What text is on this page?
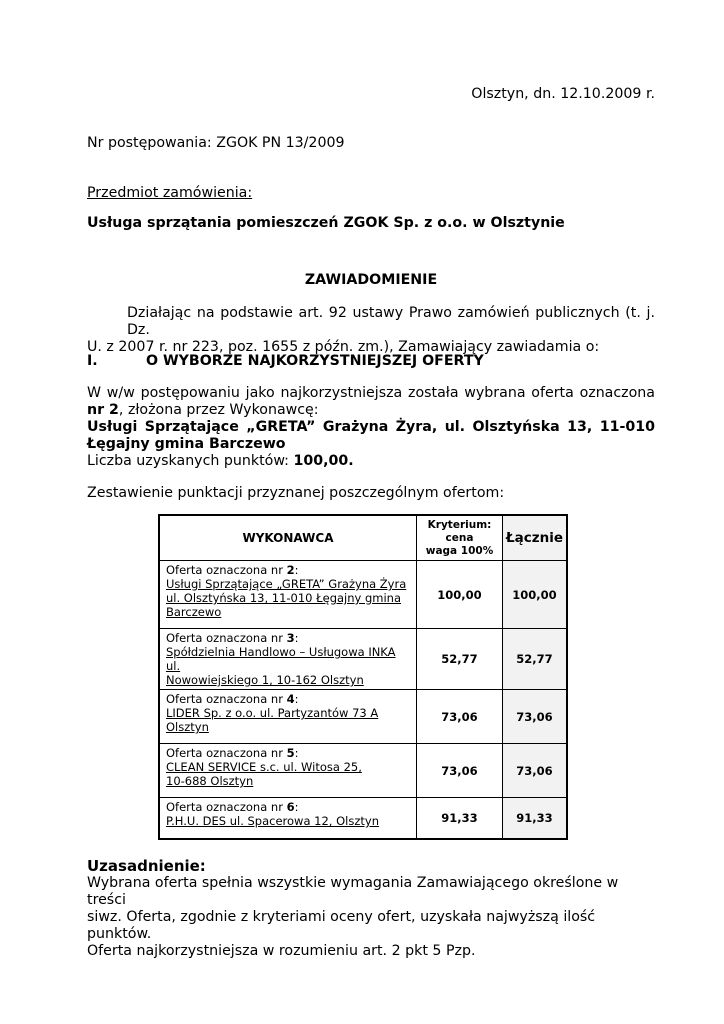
Olsztyn, dn. 12.10.2009 r.

Nr postępowania: ZGOK PN 13/2009

Przedmiot zamówienia:

Usługa sprzątania pomieszczeń ZGOK Sp. z o.o. w Olsztynie

ZAWIADOMIENIE

Działając na podstawie art. 92 ustawy Prawo zamówień publicznych (t. j. Dz.
U. z 2007 r. nr 223, poz. 1655 z późn. zm.), Zamawiający zawiadamia o:

I.	O WYBORZE NAJKORZYSTNIEJSZEJ OFERTY
W w/w postępowaniu jako najkorzystniejsza została wybrana oferta oznaczona
nr 2, złożona przez Wykonawcę:
Usługi Sprzątające „GRETA” Grażyna Żyra, ul. Olsztyńska 13, 11-010
Łęgajny gmina Barczewo
Liczba uzyskanych punktów: 100,00.

Zestawienie punktacji przyznanej poszczególnym ofertom:

WYKONAWCA	Kryterium:
cena
waga 100%	Łącznie

Oferta oznaczona nr 2:
Usługi Sprzątające „GRETA” Grażyna Żyra
ul. Olsztyńska 13, 11-010 Łęgajny gmina
Barczewo	100,00	100,00

Oferta oznaczona nr 3:
Spółdzielnia Handlowo – Usługowa INKA ul.
Nowowiejskiego 1, 10-162 Olsztyn	52,77	52,77

Oferta oznaczona nr 4:
LIDER Sp. z o.o. ul. Partyzantów 73 A
Olsztyn	73,06	73,06

Oferta oznaczona nr 5:
CLEAN SERVICE s.c. ul. Witosa 25,
10-688 Olsztyn	73,06	73,06

Oferta oznaczona nr 6:
P.H.U. DES ul. Spacerowa 12, Olsztyn	91,33	91,33

Uzasadnienie:

Wybrana oferta spełnia wszystkie wymagania Zamawiającego określone w treści
siwz. Oferta, zgodnie z kryteriami oceny ofert, uzyskała najwyższą ilość punktów.
Oferta najkorzystniejsza w rozumieniu art. 2 pkt 5 Pzp.
